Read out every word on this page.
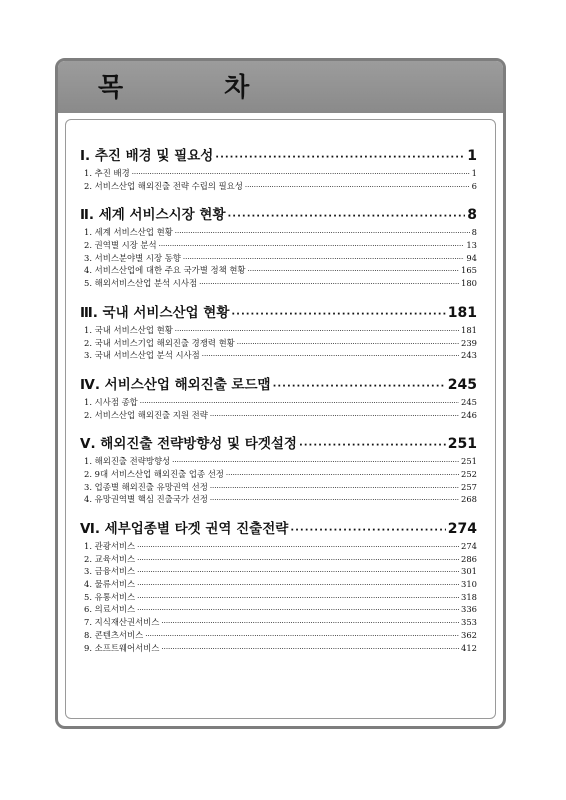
목 차
Ⅰ. 추진 배경 및 필요성 ·····	1
1. 추진 배경 ·····	1
2. 서비스산업 해외진출 전략 수립의 필요성 ·····	6
Ⅱ. 세계 서비스시장 현황 ·····	8
1. 세계 서비스산업 현황 ·····	8
2. 권역별 시장 분석 ·····	13
3. 서비스분야별 시장 동향 ·····	94
4. 서비스산업에 대한 주요 국가별 정책 현황 ·····	165
5. 해외서비스산업 분석 시사점 ·····	180
Ⅲ. 국내 서비스산업 현황 ·····	181
1. 국내 서비스산업 현황 ·····	181
2. 국내 서비스기업 해외진출 경쟁력 현황 ·····	239
3. 국내 서비스산업 분석 시사점 ·····	243
Ⅳ. 서비스산업 해외진출 로드맵 ·····	245
1. 시사점 종합 ·····	245
2. 서비스산업 해외진출 지원 전략 ·····	246
Ⅴ. 해외진출 전략방향성 및 타겟설정 ·····	251
1. 해외진출 전략방향성 ·····	251
2. 9대 서비스산업 해외진출 업종 선정 ·····	252
3. 업종별 해외진출 유망권역 선정 ·····	257
4. 유망권역별 핵심 진출국가 선정 ·····	268
Ⅵ. 세부업종별 타겟 권역 진출전략 ·····	274
1. 관광서비스 ·····	274
2. 교육서비스 ·····	286
3. 금융서비스 ·····	301
4. 물류서비스 ·····	310
5. 유통서비스 ·····	318
6. 의료서비스 ·····	336
7. 지식재산권서비스 ·····	353
8. 콘텐츠서비스 ·····	362
9. 소프트웨어서비스 ·····	412
